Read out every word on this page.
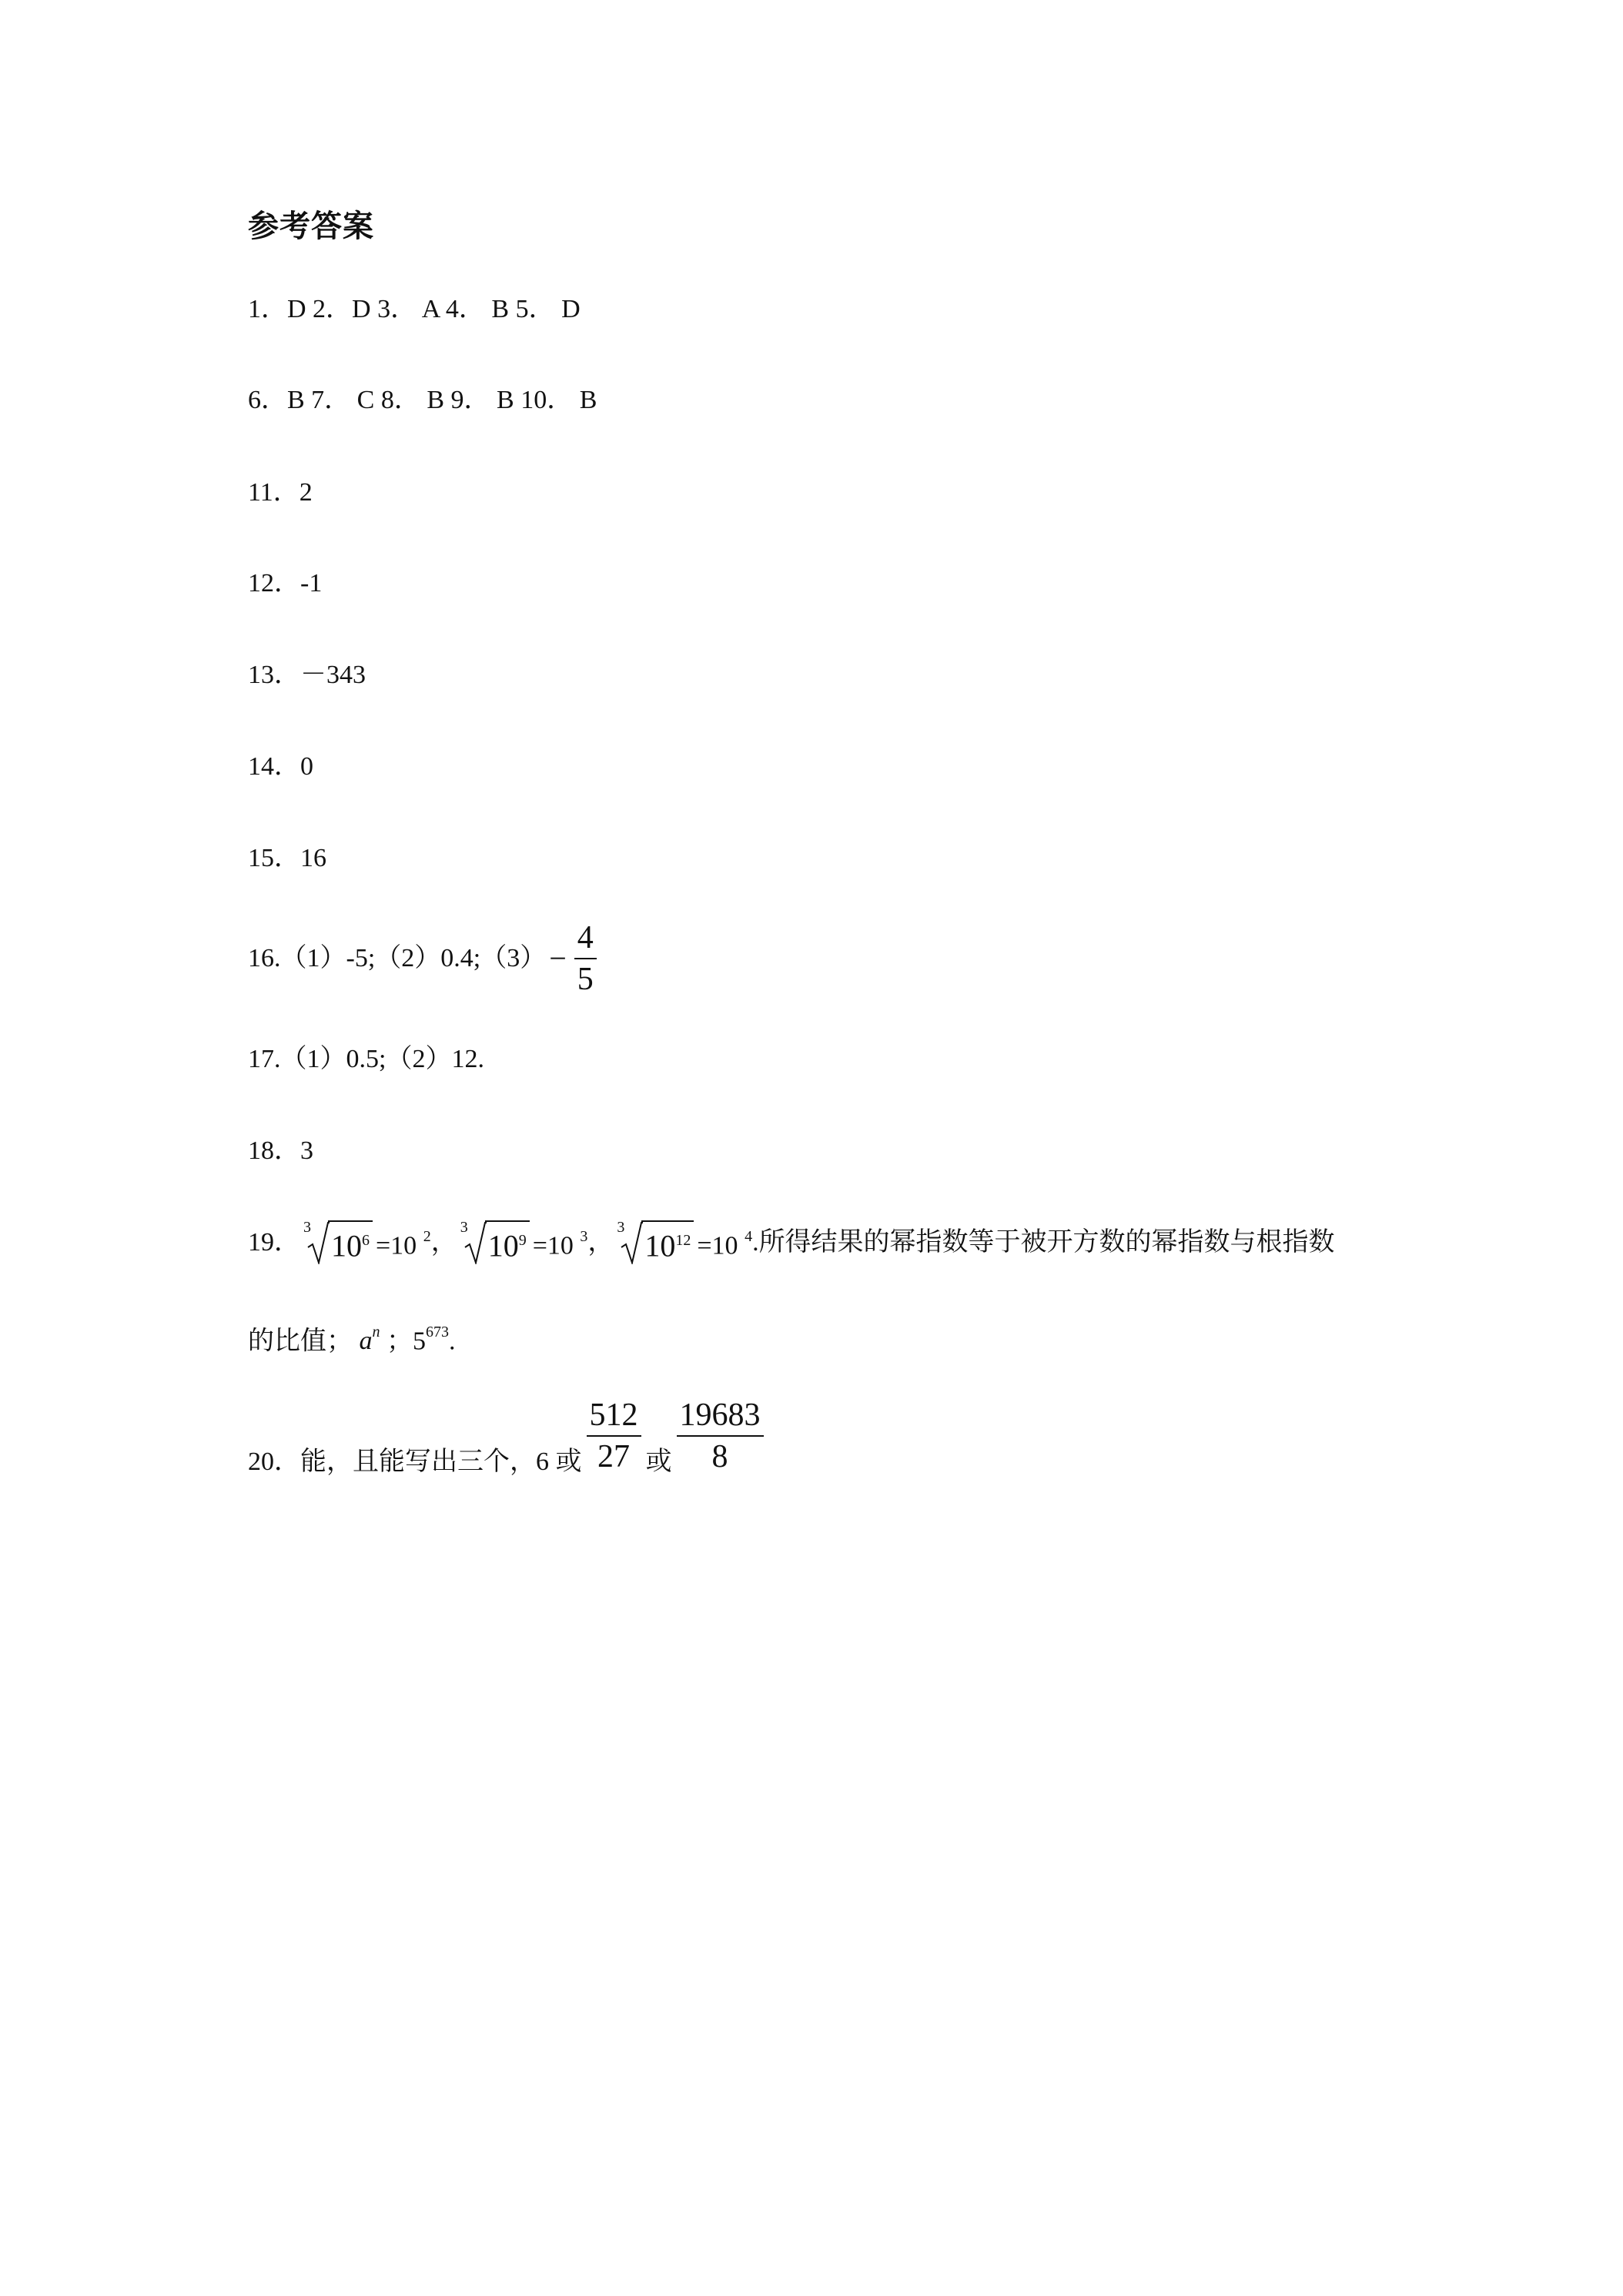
参考答案
1．D 2．D 3． A 4． B 5． D
6．B 7． C 8． B 9． B 10． B
11．2
12．-1
13．－343
14．0
15．16
16.（1）-5;（2）0.4;（3） − $\frac{4}{5}$
17.（1）0.5;（2）12.
18．3
19．
3
$10^6 =10$ $^2$ ，
3
$10^9 =10$ $^3$ ，
3
$10^{12} =10$ $^4$ .所得结果的幂指数等于被开方数的幂指数与根指数
的比值； $a^n$ ；$5^{673}$.
20．能，且能写出三个，6 或 $\frac{512}{27}$ 或 $\frac{19683}{8}$
